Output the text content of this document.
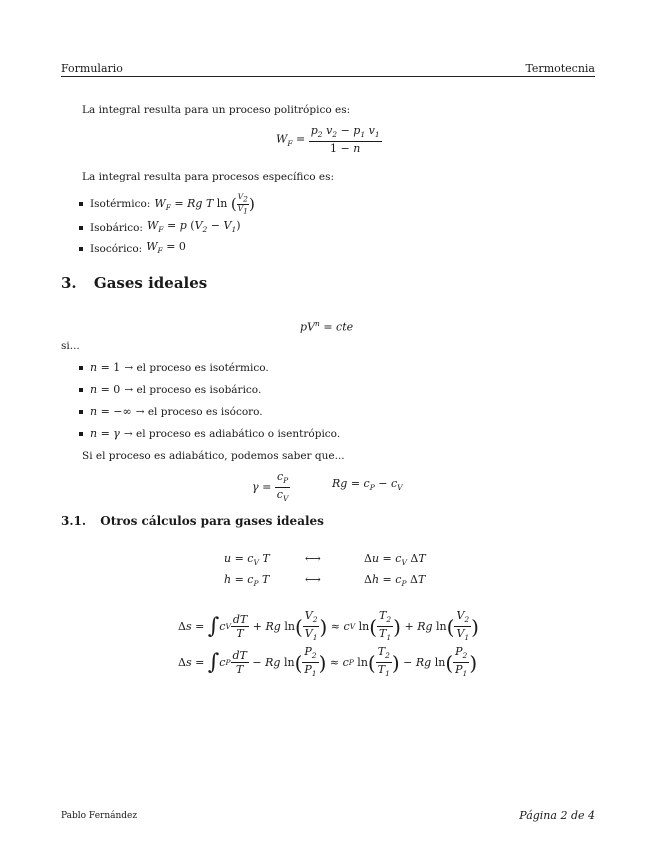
Formulario	Termotecnia
La integral resulta para un proceso politrópico es:
$W_F = \frac{p_2 v_2 - p_1 v_1}{1 - n}$
La integral resulta para procesos específico es:
Isotérmico: $W_F = Rg$ T ln ( $\frac{V_2}{V_1}$ )
Isobárico: $W_F = p$ $(V_2 - V_1)$
Isocórico: $W_F = 0$
3. Gases ideales
$pV^n$ = cte
si...
n = 1 → el proceso es isotérmico.
n = 0 → el proceso es isobárico.
n = −∞ → el proceso es isócoro.
n = γ → el proceso es adiabático o isentrópico.
Si el proceso es adiabático, podemos saber que...
$\gamma = \frac{c_P}{c_V}$	$Rg = c_P - c_V$
3.1. Otros cálculos para gases ideales
$u = c_V$ T	⟷	$\Delta u = c_V$ ΔT
$h = c_P$ T	⟷	$\Delta h = c_P$ ΔT
Δ s = ∫ c V $\frac{dT}{T} + Rg$ ln ( $\frac{V_2}{V_1}$ ) ≈ c V ln ( $\frac{T_2}{T_1}$ ) + Rg ln ( $\frac{V_2}{V_1}$ )
Δ s = ∫ c P $\frac{dT}{T} - Rg$ ln ( $\frac{P_2}{P_1}$ ) ≈ c P ln ( $\frac{T_2}{T_1}$ ) − Rg ln ( $\frac{P_2}{P_1}$ )
Pablo Fernández	Página 2 de 4
